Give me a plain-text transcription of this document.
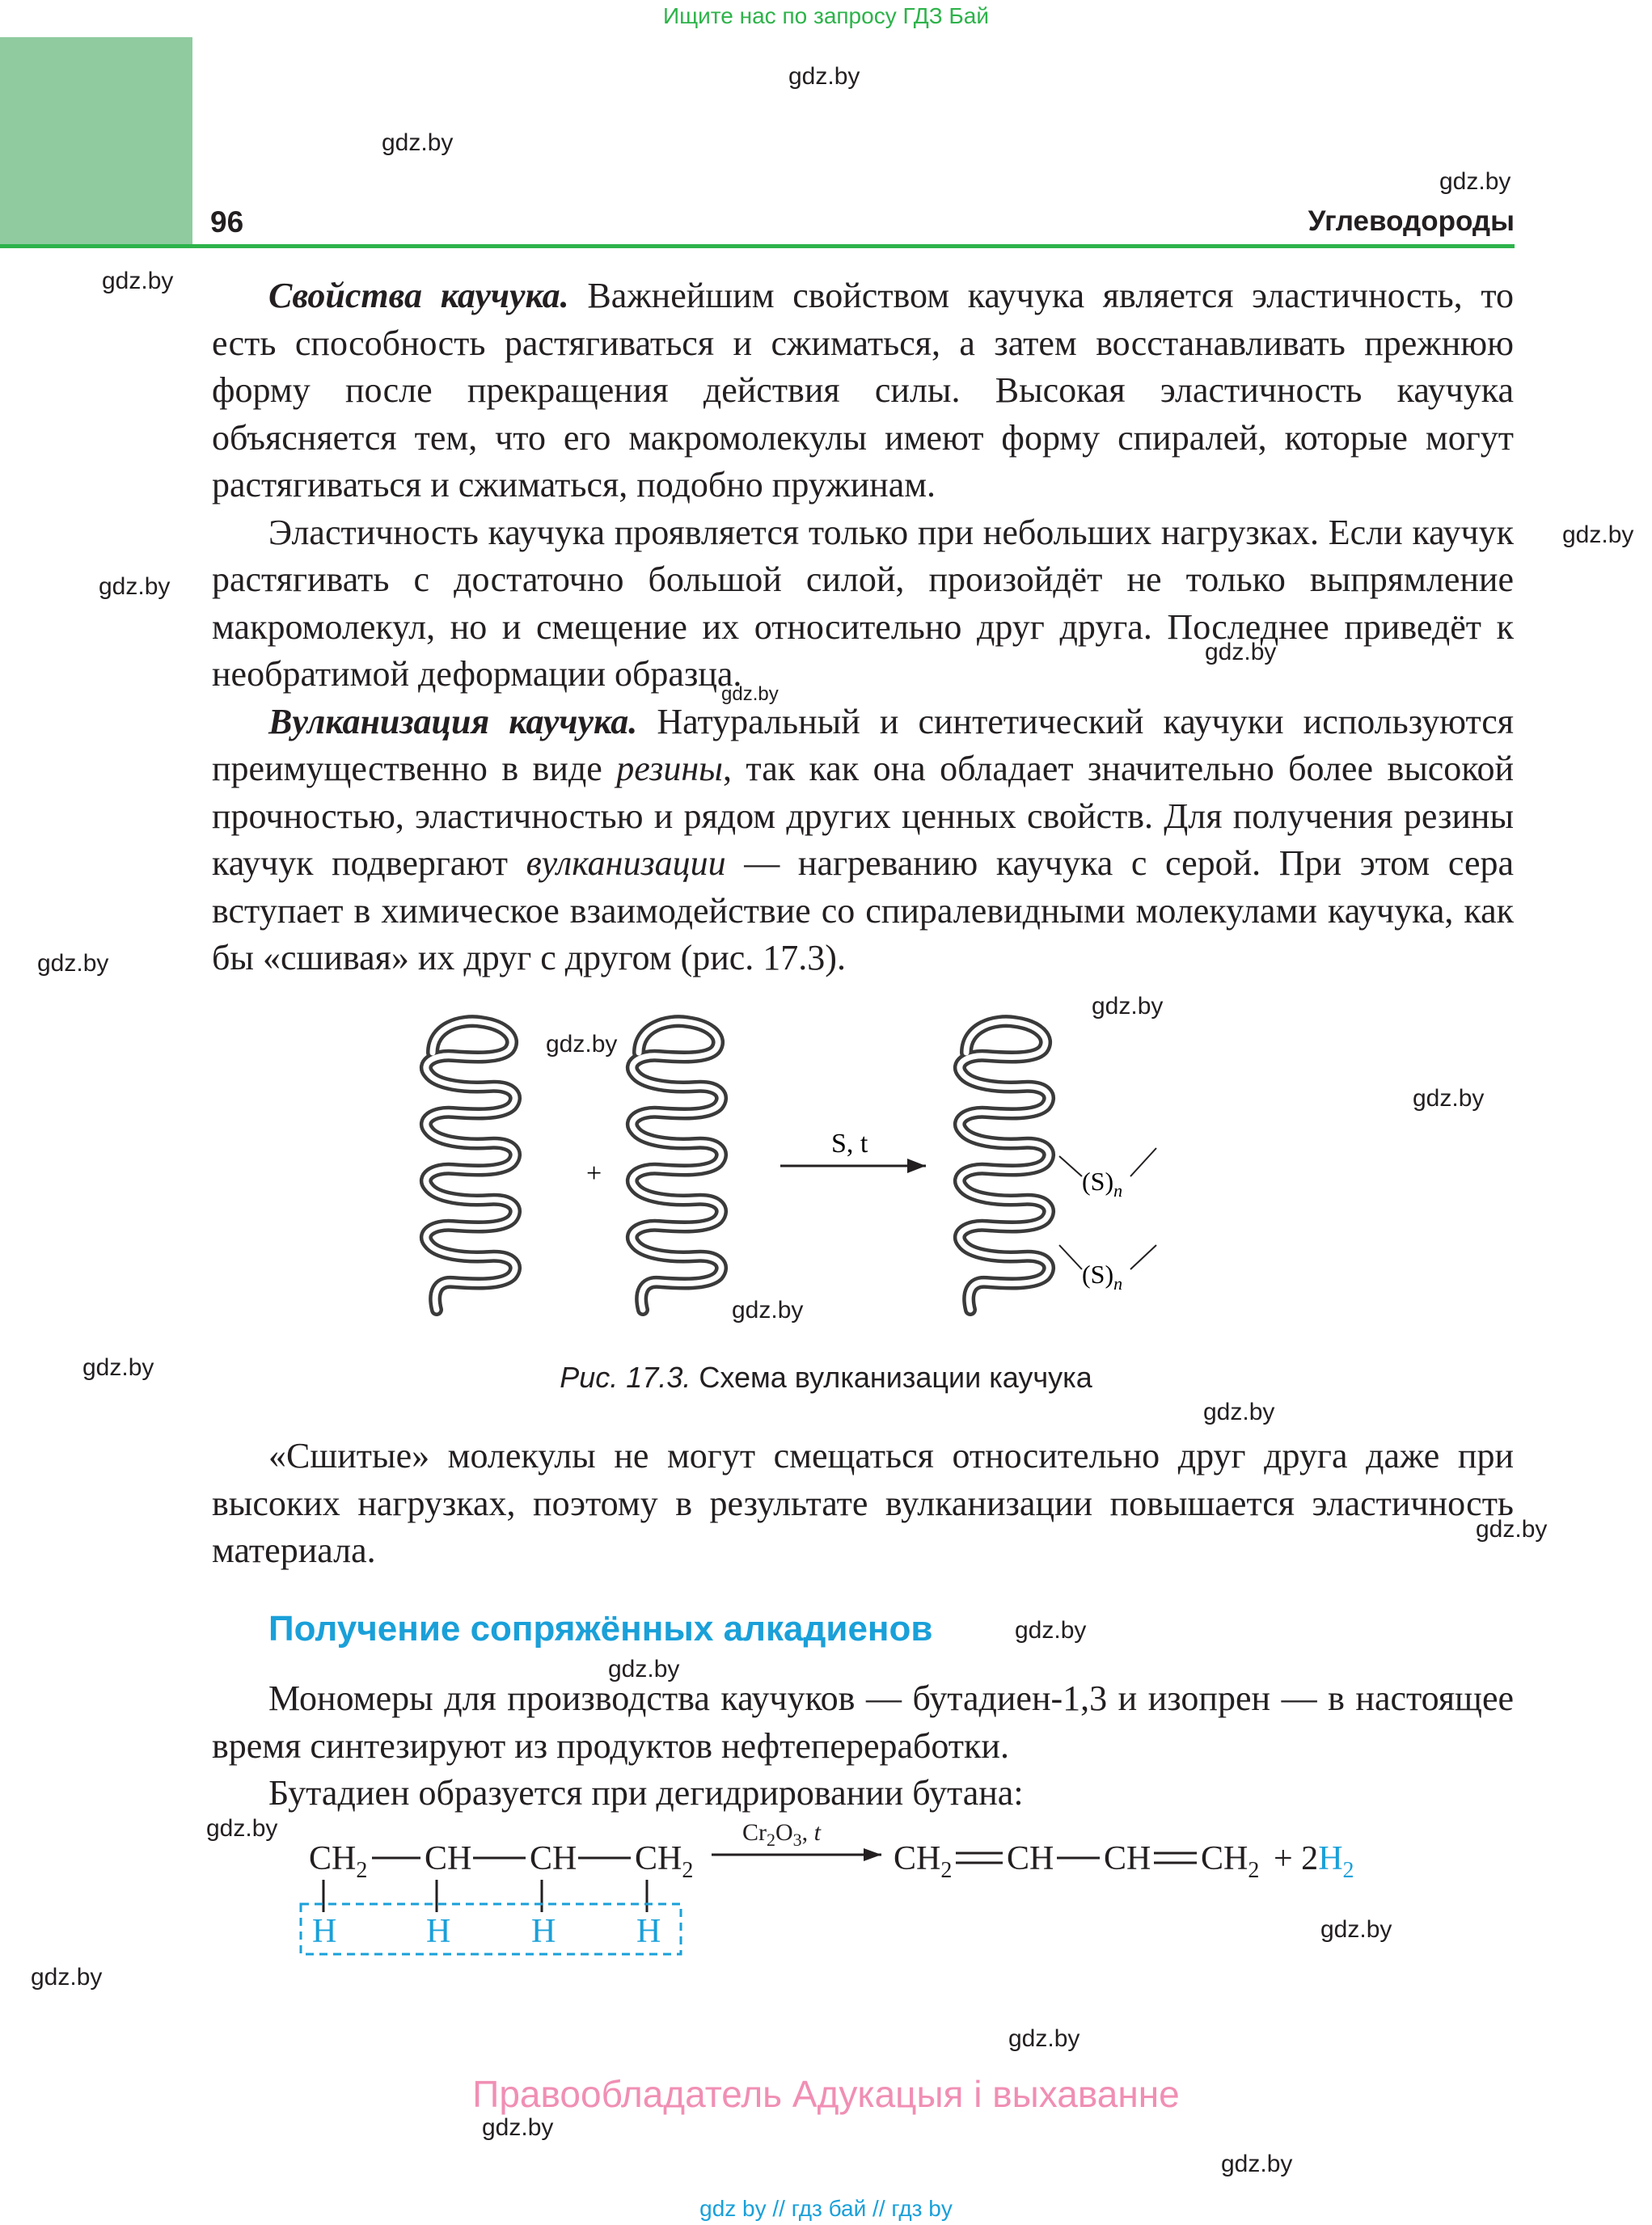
Ищите нас по запросу ГДЗ Бай
96	Углеводороды
gdz.by
gdz.by
gdz.by
gdz.by
gdz.by
gdz.by
gdz.by
gdz.by
gdz.by
gdz.by
gdz.by
gdz.by
gdz.by
gdz.by
gdz.by
gdz.by
gdz.by
gdz.by
gdz.by
gdz.by
gdz.by
gdz.by
gdz.by
gdz.by

Свойства каучука. Важнейшим свойством каучука является эластичность, то есть способность растягиваться и сжиматься, а затем восстанавливать прежнюю форму после прекращения действия силы. Высокая эластичность каучука объясняется тем, что его макромолекулы имеют форму спиралей, которые могут растягиваться и сжиматься, подобно пружинам.

Эластичность каучука проявляется только при небольших нагрузках. Если каучук растягивать с достаточно большой силой, произойдёт не только выпрямление макромолекул, но и смещение их относительно друг друга. Последнее приведёт к необратимой деформации образца.

Вулканизация каучука. Натуральный и синтетический каучуки используются преимущественно в виде резины, так как она обладает значительно более высокой прочностью, эластичностью и рядом других ценных свойств. Для получения резины каучук подвергают вулканизации — нагреванию каучука с серой. При этом сера вступает в химическое взаимодействие со спиралевидными молекулами каучука, как бы «сшивая» их друг с другом (рис. 17.3).

+
S, t
$(S)_n$
$(S)_n$
Рис. 17.3. Схема вулканизации каучука

«Сшитые» молекулы не могут смещаться относительно друг друга даже при высоких нагрузках, поэтому в результате вулканизации повышается эластичность материала.

Получение сопряжённых алкадиенов

Мономеры для производства каучуков — бутадиен-1,3 и изопрен — в настоящее время синтезируют из продуктов нефтепереработки.

Бутадиен образуется при дегидрировании бутана:

$CH_2$ CH CH $CH_2$
$Cr_2O_3$, t
$CH_2$ CH CH $CH_2 + 2H_2$
H	H H H
Правообладатель Адукацыя і выхаванне
gdz by // гдз бай // гдз by
